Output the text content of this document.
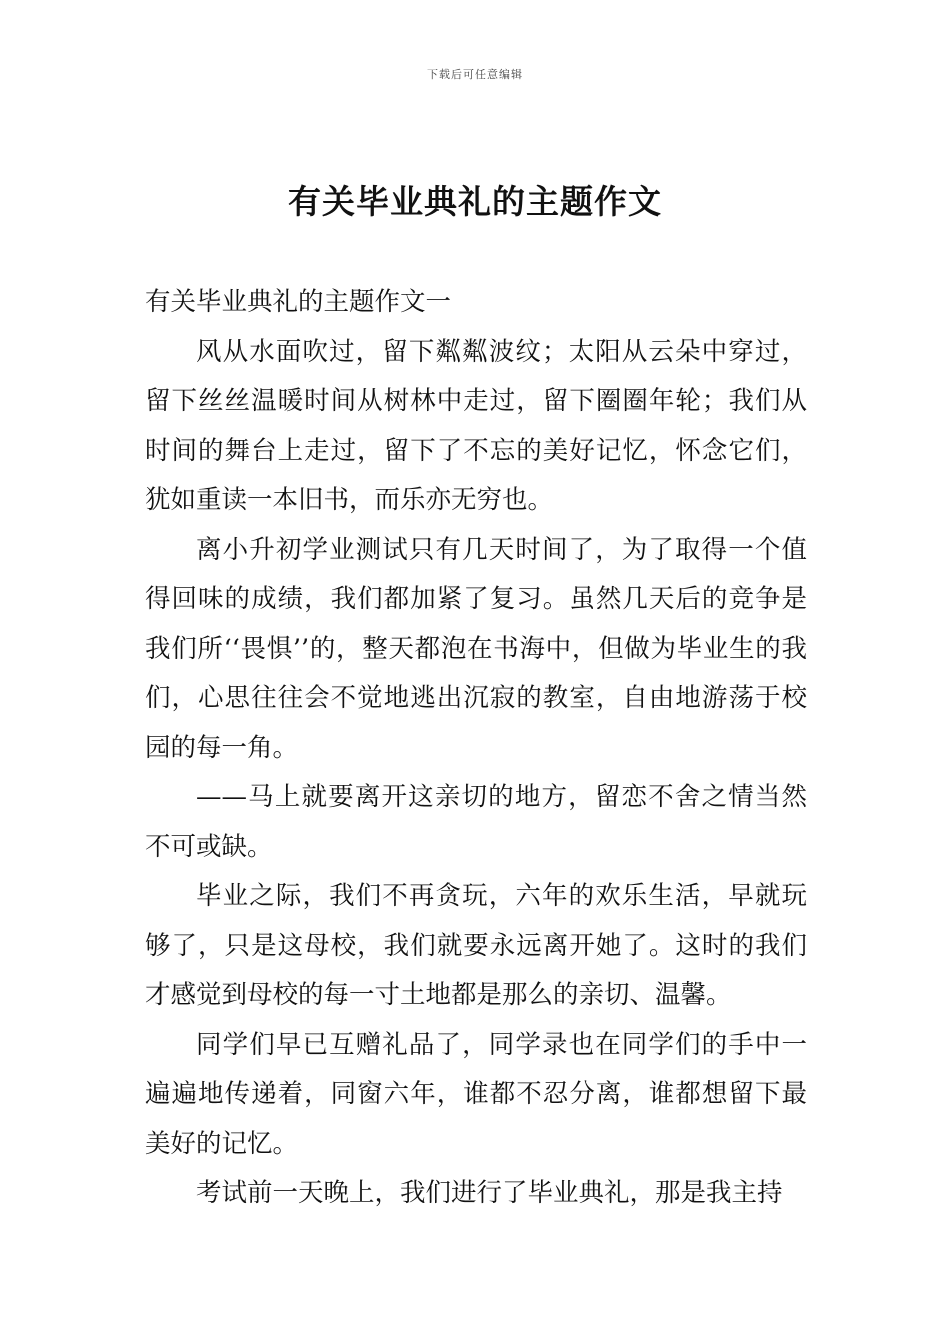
下载后可任意编辑
有关毕业典礼的主题作文

有关毕业典礼的主题作文一

风从水面吹过，留下粼粼波纹；太阳从云朵中穿过，留下丝丝温暖时间从树林中走过，留下圈圈年轮；我们从时间的舞台上走过，留下了不忘的美好记忆，怀念它们，犹如重读一本旧书，而乐亦无穷也。

离小升初学业测试只有几天时间了，为了取得一个值得回味的成绩，我们都加紧了复习。虽然几天后的竞争是我们所‘‘畏惧’’的，整天都泡在书海中，但做为毕业生的我们，心思往往会不觉地逃出沉寂的教室，自由地游荡于校园的每一角。

——马上就要离开这亲切的地方，留恋不舍之情当然不可或缺。

毕业之际，我们不再贪玩，六年的欢乐生活，早就玩够了，只是这母校，我们就要永远离开她了。这时的我们才感觉到母校的每一寸土地都是那么的亲切、温馨。

同学们早已互赠礼品了，同学录也在同学们的手中一遍遍地传递着，同窗六年，谁都不忍分离，谁都想留下最美好的记忆。

考试前一天晚上，我们进行了毕业典礼，那是我主持
